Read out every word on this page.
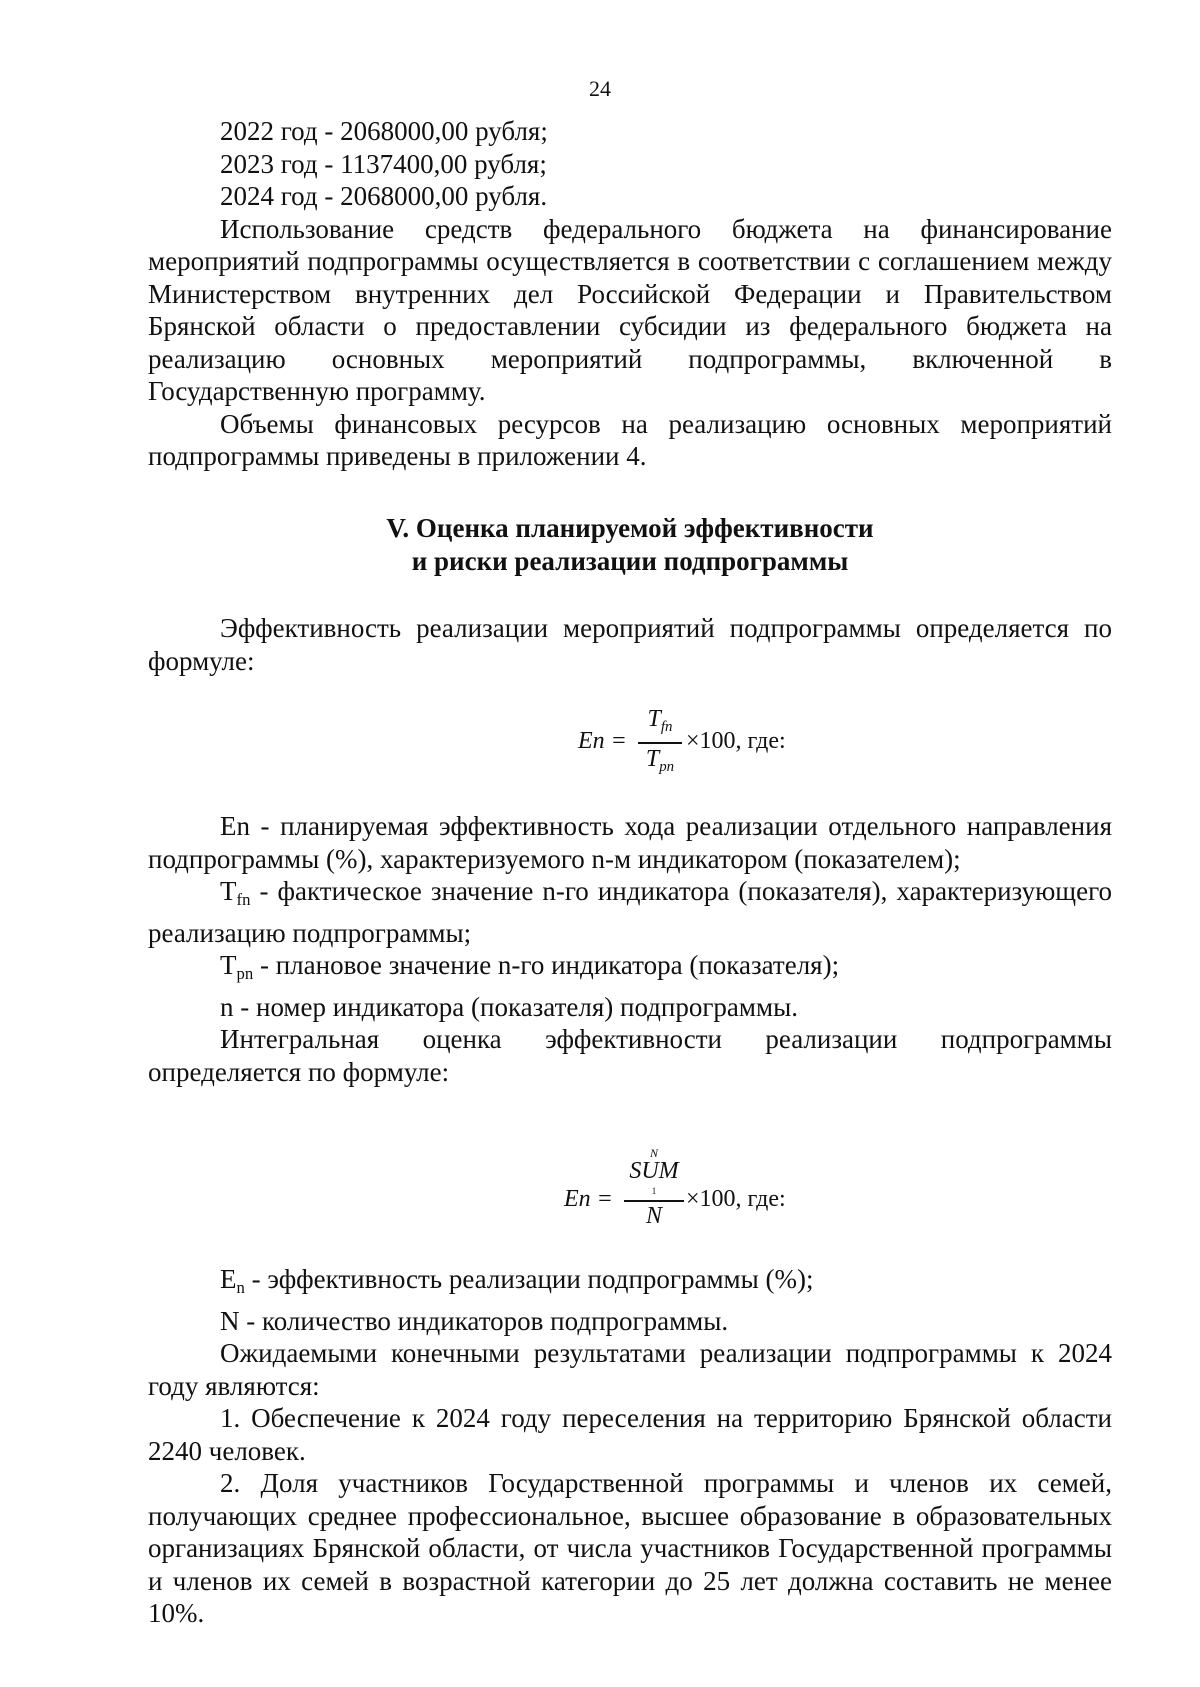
24
2022 год - 2068000,00 рубля;
2023 год - 1137400,00 рубля;
2024 год - 2068000,00 рубля.

Использование средств федерального бюджета на финансирование мероприятий подпрограммы осуществляется в соответствии с соглашением между Министерством внутренних дел Российской Федерации и Правительством Брянской области о предоставлении субсидии из федерального бюджета на реализацию основных мероприятий подпрограммы, включенной в Государственную программу.

Объемы финансовых ресурсов на реализацию основных мероприятий подпрограммы приведены в приложении 4.

V. Оценка планируемой эффективности
и риски реализации подпрограммы

Эффективность реализации мероприятий подпрограммы определяется по формуле:

En =
$T_{fn}$
$T_{pn}$
×100, где:

En - планируемая эффективность хода реализации отдельного направления подпрограммы (%), характеризуемого n-м индикатором (показателем);

$T_{fn}$ - фактическое значение n-го индикатора (показателя), характеризующего реализацию подпрограммы;

$T_{pn}$ - плановое значение n-го индикатора (показателя);

n - номер индикатора (показателя) подпрограммы.

Интегральная оценка эффективности реализации подпрограммы определяется по формуле:

En =
N
SUM
1
N
×100, где:

$E_n$ - эффективность реализации подпрограммы (%);

N - количество индикаторов подпрограммы.

Ожидаемыми конечными результатами реализации подпрограммы к 2024 году являются:

1. Обеспечение к 2024 году переселения на территорию Брянской области 2240 человек.

2. Доля участников Государственной программы и членов их семей, получающих среднее профессиональное, высшее образование в образовательных организациях Брянской области, от числа участников Государственной программы и членов их семей в возрастной категории до 25 лет должна составить не менее 10%.
